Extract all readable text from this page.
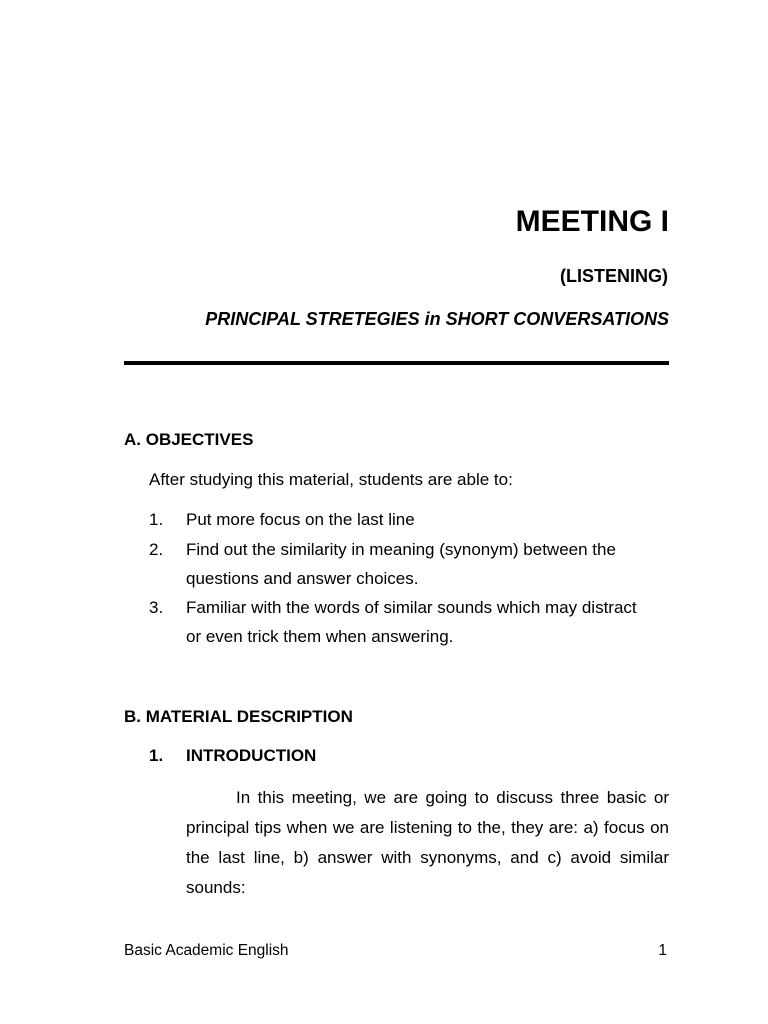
MEETING I
(LISTENING)
PRINCIPAL STRETEGIES in SHORT CONVERSATIONS
A. OBJECTIVES
After studying this material, students are able to:
1. Put more focus on the last line
2. Find out the similarity in meaning (synonym) between the questions and answer choices.
3. Familiar with the words of similar sounds which may distract or even trick them when answering.
B. MATERIAL DESCRIPTION
1. INTRODUCTION
In this meeting, we are going to discuss three basic or principal tips when we are listening to the, they are: a) focus on the last line, b) answer with synonyms, and c) avoid similar sounds:
Basic Academic English	1
